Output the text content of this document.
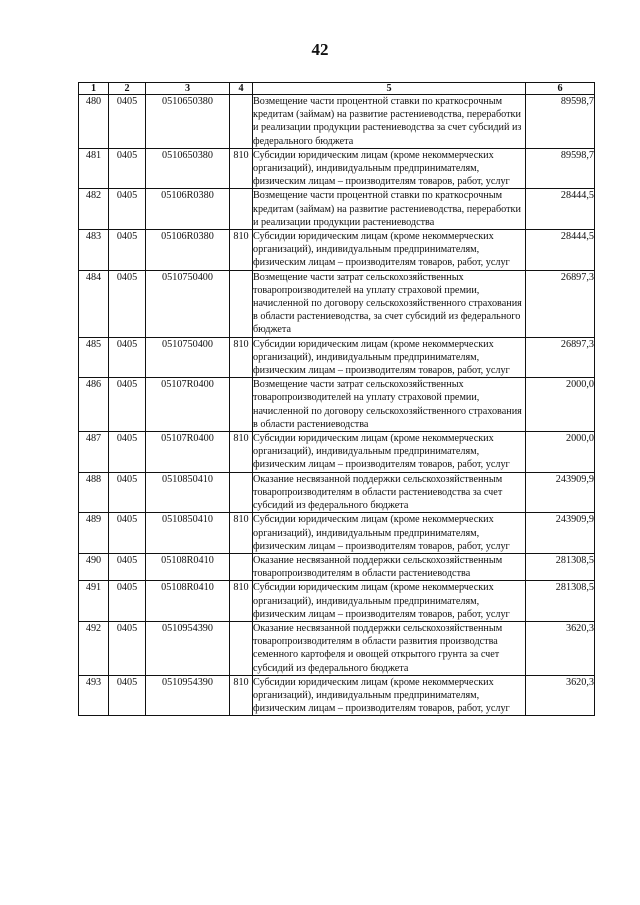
42
1	2	3	4	5	6
480	0405	0510650380		Возмещение части процентной ставки по краткосрочным кредитам (займам) на развитие растениеводства, переработки и реализации продукции растениеводства за счет субсидий из федерального бюджета	89598,7
481	0405	0510650380	810	Субсидии юридическим лицам (кроме некоммерческих организаций), индивидуальным предпринимателям, физическим лицам – производителям товаров, работ, услуг	89598,7
482	0405	05106R0380		Возмещение части процентной ставки по краткосрочным кредитам (займам) на развитие растениеводства, переработки и реализации продукции растениеводства	28444,5
483	0405	05106R0380	810	Субсидии юридическим лицам (кроме некоммерческих организаций), индивидуальным предпринимателям, физическим лицам – производителям товаров, работ, услуг	28444,5
484	0405	0510750400		Возмещение части затрат сельскохозяйственных товаропроизводителей на уплату страховой премии, начисленной по договору сельскохозяйственного страхования в области растениеводства, за счет субсидий из федерального бюджета	26897,3
485	0405	0510750400	810	Субсидии юридическим лицам (кроме некоммерческих организаций), индивидуальным предпринимателям, физическим лицам – производителям товаров, работ, услуг	26897,3
486	0405	05107R0400		Возмещение части затрат сельскохозяйственных товаропроизводителей на уплату страховой премии, начисленной по договору сельскохозяйственного страхования в области растениеводства	2000,0
487	0405	05107R0400	810	Субсидии юридическим лицам (кроме некоммерческих организаций), индивидуальным предпринимателям, физическим лицам – производителям товаров, работ, услуг	2000,0
488	0405	0510850410		Оказание несвязанной поддержки сельскохозяйственным товаропроизводителям в области растениеводства за счет субсидий из федерального бюджета	243909,9
489	0405	0510850410	810	Субсидии юридическим лицам (кроме некоммерческих организаций), индивидуальным предпринимателям, физическим лицам – производителям товаров, работ, услуг	243909,9
490	0405	05108R0410		Оказание несвязанной поддержки сельскохозяйственным товаропроизводителям в области растениеводства	281308,5
491	0405	05108R0410	810	Субсидии юридическим лицам (кроме некоммерческих организаций), индивидуальным предпринимателям, физическим лицам – производителям товаров, работ, услуг	281308,5
492	0405	0510954390		Оказание несвязанной поддержки сельскохозяйственным товаропроизводителям в области развития производства семенного картофеля и овощей открытого грунта за счет субсидий из федерального бюджета	3620,3
493	0405	0510954390	810	Субсидии юридическим лицам (кроме некоммерческих организаций), индивидуальным предпринимателям, физическим лицам – производителям товаров, работ, услуг	3620,3
